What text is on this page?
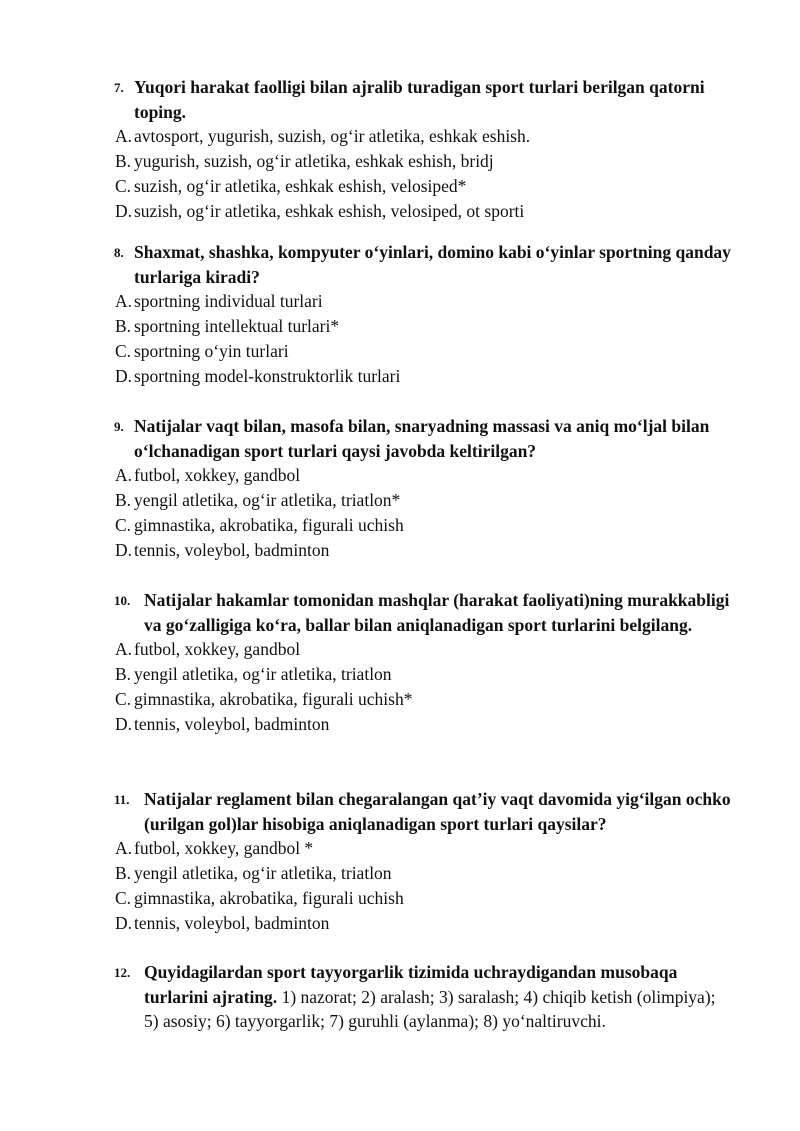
7. Yuqori harakat faolligi bilan ajralib turadigan sport turlari berilgan qatorni toping.
A. avtosport, yugurish, suzish, og‘ir atletika, eshkak eshish.
B. yugurish, suzish, og‘ir atletika, eshkak eshish, bridj
C. suzish, og‘ir atletika, eshkak eshish, velosiped*
D. suzish, og‘ir atletika, eshkak eshish, velosiped, ot sporti
8. Shaxmat, shashka, kompyuter o‘yinlari, domino kabi o‘yinlar sportning qanday turlariga kiradi?
A. sportning individual turlari
B. sportning intellektual turlari*
C. sportning o‘yin turlari
D. sportning model-konstruktorlik turlari
9. Natijalar vaqt bilan, masofa bilan, snaryadning massasi va aniq mo‘ljal bilan o‘lchanadigan sport turlari qaysi javobda keltirilgan?
A. futbol, xokkey, gandbol
B. yengil atletika, og‘ir atletika, triatlon*
C. gimnastika, akrobatika, figurali uchish
D. tennis, voleybol, badminton
10. Natijalar hakamlar tomonidan mashqlar (harakat faoliyati)ning murakkabligi va go‘zalligiga ko‘ra, ballar bilan aniqlanadigan sport turlarini belgilang.
A. futbol, xokkey, gandbol
B. yengil atletika, og‘ir atletika, triatlon
C. gimnastika, akrobatika, figurali uchish*
D. tennis, voleybol, badminton
11. Natijalar reglament bilan chegaralangan qat’iy vaqt davomida yig‘ilgan ochko (urilgan gol)lar hisobiga aniqlanadigan sport turlari qaysilar?
A. futbol, xokkey, gandbol *
B. yengil atletika, og‘ir atletika, triatlon
C. gimnastika, akrobatika, figurali uchish
D. tennis, voleybol, badminton
12. Quyidagilardan sport tayyorgarlik tizimida uchraydigandan musobaqa turlarini ajrating. 1) nazorat; 2) aralash; 3) saralash; 4) chiqib ketish (olimpiya); 5) asosiy; 6) tayyorgarlik; 7) guruhli (aylanma); 8) yo‘naltiruvchi.
